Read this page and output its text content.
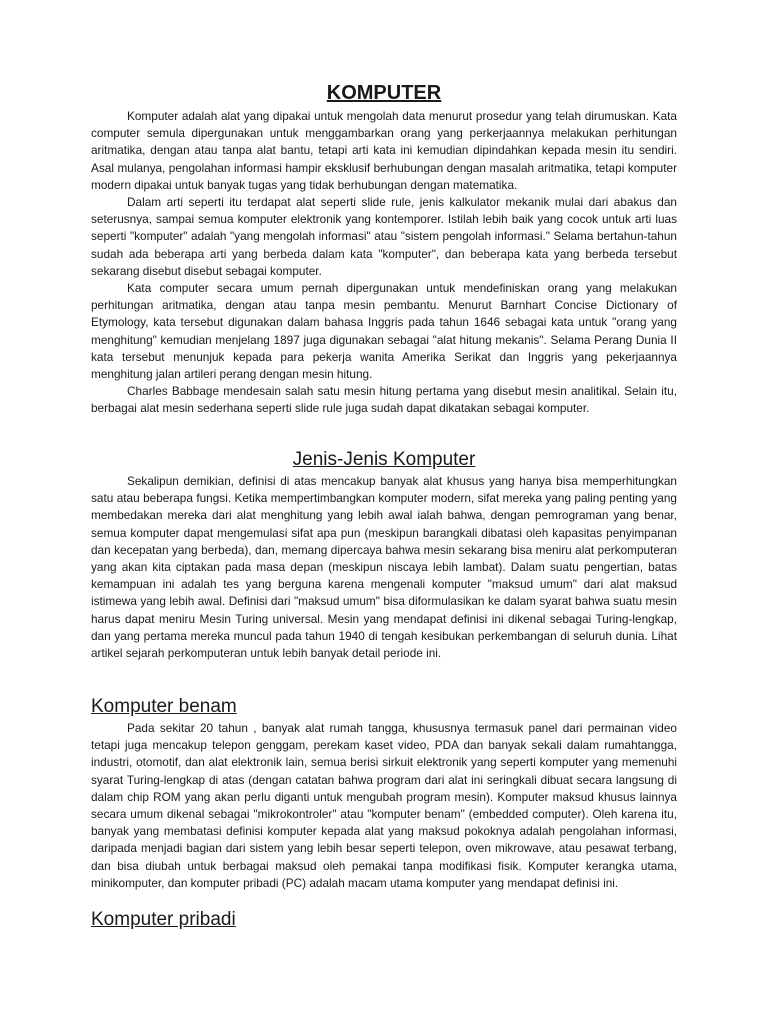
KOMPUTER

Komputer adalah alat yang dipakai untuk mengolah data menurut prosedur yang telah dirumuskan. Kata computer semula dipergunakan untuk menggambarkan orang yang perkerjaannya melakukan perhitungan aritmatika, dengan atau tanpa alat bantu, tetapi arti kata ini kemudian dipindahkan kepada mesin itu sendiri. Asal mulanya, pengolahan informasi hampir eksklusif berhubungan dengan masalah aritmatika, tetapi komputer modern dipakai untuk banyak tugas yang tidak berhubungan dengan matematika.

Dalam arti seperti itu terdapat alat seperti slide rule, jenis kalkulator mekanik mulai dari abakus dan seterusnya, sampai semua komputer elektronik yang kontemporer. Istilah lebih baik yang cocok untuk arti luas seperti "komputer" adalah "yang mengolah informasi" atau "sistem pengolah informasi." Selama bertahun-tahun sudah ada beberapa arti yang berbeda dalam kata "komputer", dan beberapa kata yang berbeda tersebut sekarang disebut disebut sebagai komputer.

Kata computer secara umum pernah dipergunakan untuk mendefiniskan orang yang melakukan perhitungan aritmatika, dengan atau tanpa mesin pembantu. Menurut Barnhart Concise Dictionary of Etymology, kata tersebut digunakan dalam bahasa Inggris pada tahun 1646 sebagai kata untuk "orang yang menghitung" kemudian menjelang 1897 juga digunakan sebagai "alat hitung mekanis". Selama Perang Dunia II kata tersebut menunjuk kepada para pekerja wanita Amerika Serikat dan Inggris yang pekerjaannya menghitung jalan artileri perang dengan mesin hitung.

Charles Babbage mendesain salah satu mesin hitung pertama yang disebut mesin analitikal. Selain itu, berbagai alat mesin sederhana seperti slide rule juga sudah dapat dikatakan sebagai komputer.

Jenis-Jenis Komputer

Sekalipun demikian, definisi di atas mencakup banyak alat khusus yang hanya bisa memperhitungkan satu atau beberapa fungsi. Ketika mempertimbangkan komputer modern, sifat mereka yang paling penting yang membedakan mereka dari alat menghitung yang lebih awal ialah bahwa, dengan pemrograman yang benar, semua komputer dapat mengemulasi sifat apa pun (meskipun barangkali dibatasi oleh kapasitas penyimpanan dan kecepatan yang berbeda), dan, memang dipercaya bahwa mesin sekarang bisa meniru alat perkomputeran yang akan kita ciptakan pada masa depan (meskipun niscaya lebih lambat). Dalam suatu pengertian, batas kemampuan ini adalah tes yang berguna karena mengenali komputer "maksud umum" dari alat maksud istimewa yang lebih awal. Definisi dari "maksud umum" bisa diformulasikan ke dalam syarat bahwa suatu mesin harus dapat meniru Mesin Turing universal. Mesin yang mendapat definisi ini dikenal sebagai Turing-lengkap, dan yang pertama mereka muncul pada tahun 1940 di tengah kesibukan perkembangan di seluruh dunia. Lihat artikel sejarah perkomputeran untuk lebih banyak detail periode ini.

Komputer benam

Pada sekitar 20 tahun , banyak alat rumah tangga, khususnya termasuk panel dari permainan video tetapi juga mencakup telepon genggam, perekam kaset video, PDA dan banyak sekali dalam rumahtangga, industri, otomotif, dan alat elektronik lain, semua berisi sirkuit elektronik yang seperti komputer yang memenuhi syarat Turing-lengkap di atas (dengan catatan bahwa program dari alat ini seringkali dibuat secara langsung di dalam chip ROM yang akan perlu diganti untuk mengubah program mesin). Komputer maksud khusus lainnya secara umum dikenal sebagai "mikrokontroler" atau "komputer benam" (embedded computer). Oleh karena itu, banyak yang membatasi definisi komputer kepada alat yang maksud pokoknya adalah pengolahan informasi, daripada menjadi bagian dari sistem yang lebih besar seperti telepon, oven mikrowave, atau pesawat terbang, dan bisa diubah untuk berbagai maksud oleh pemakai tanpa modifikasi fisik. Komputer kerangka utama, minikomputer, dan komputer pribadi (PC) adalah macam utama komputer yang mendapat definisi ini.

Komputer pribadi
